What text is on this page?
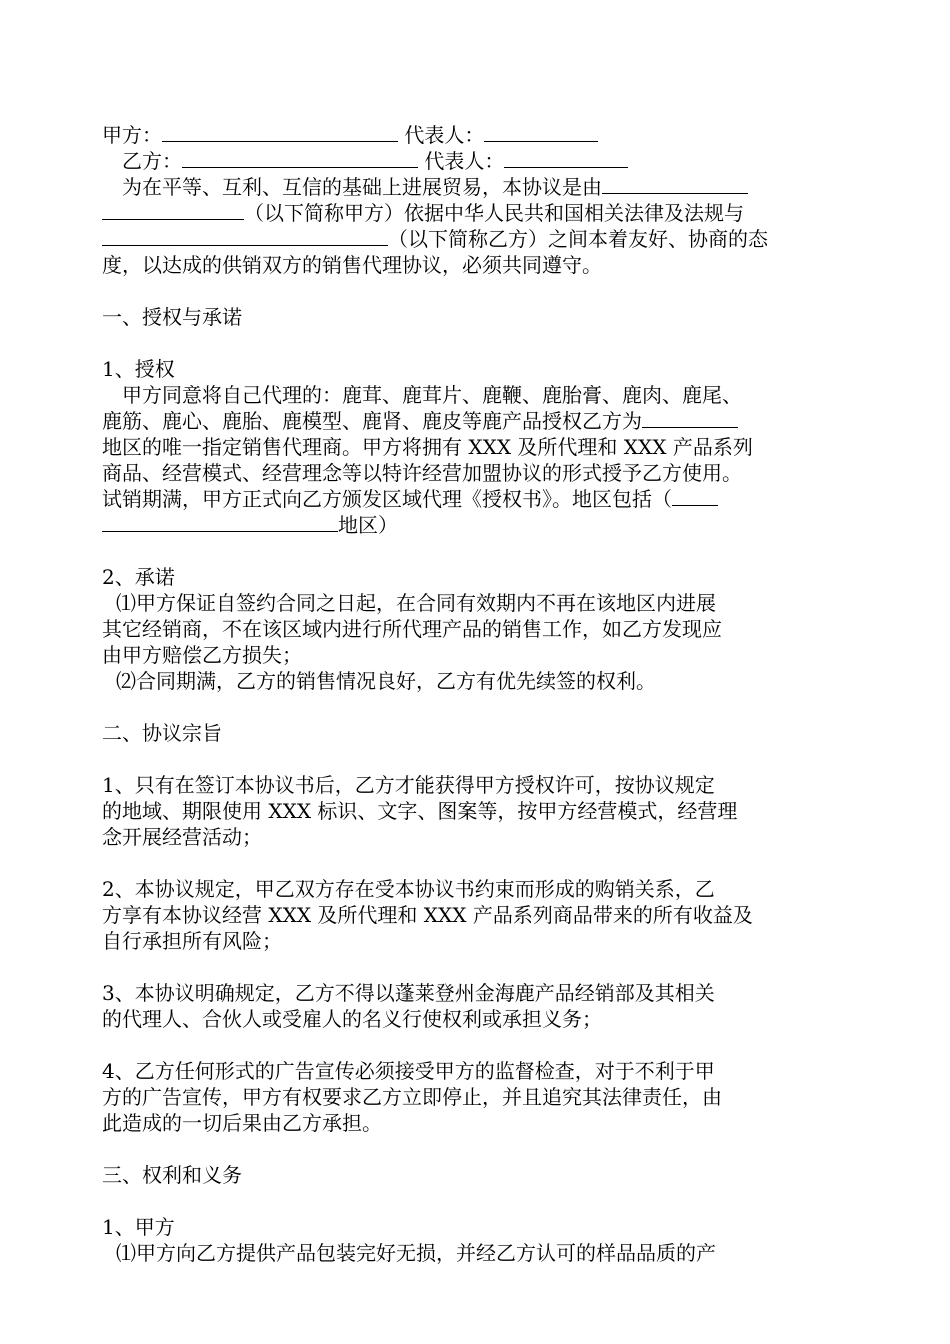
甲方：	代表人：
乙方：	代表人：
为在平等、互利、互信的基础上进展贸易，本协议是由
（以下简称甲方）依据中华人民共和国相关法律及法规与
（以下简称乙方）之间本着友好、协商的态
度，以达成的供销双方的销售代理协议，必须共同遵守。
一、授权与承诺
1、授权
甲方同意将自己代理的：鹿茸、鹿茸片、鹿鞭、鹿胎膏、鹿肉、鹿尾、
鹿筋、鹿心、鹿胎、鹿模型、鹿肾、鹿皮等鹿产品授权乙方为
地区的唯一指定销售代理商。甲方将拥有 XXX 及所代理和 XXX 产品系列
商品、经营模式、经营理念等以特许经营加盟协议的形式授予乙方使用。
试销期满，甲方正式向乙方颁发区域代理《授权书》。地区包括（
地区）
2、承诺
⑴甲方保证自签约合同之日起，在合同有效期内不再在该地区内进展
其它经销商，不在该区域内进行所代理产品的销售工作，如乙方发现应
由甲方赔偿乙方损失；
⑵合同期满，乙方的销售情况良好，乙方有优先续签的权利。
二、协议宗旨
1、只有在签订本协议书后，乙方才能获得甲方授权许可，按协议规定
的地域、期限使用 XXX 标识、文字、图案等，按甲方经营模式，经营理
念开展经营活动；
2、本协议规定，甲乙双方存在受本协议书约束而形成的购销关系，乙
方享有本协议经营 XXX 及所代理和 XXX 产品系列商品带来的所有收益及
自行承担所有风险；
3、本协议明确规定，乙方不得以蓬莱登州金海鹿产品经销部及其相关
的代理人、合伙人或受雇人的名义行使权利或承担义务；
4、乙方任何形式的广告宣传必须接受甲方的监督检查，对于不利于甲
方的广告宣传，甲方有权要求乙方立即停止，并且追究其法律责任，由
此造成的一切后果由乙方承担。
三、权利和义务
1、甲方
⑴甲方向乙方提供产品包装完好无损，并经乙方认可的样品品质的产
